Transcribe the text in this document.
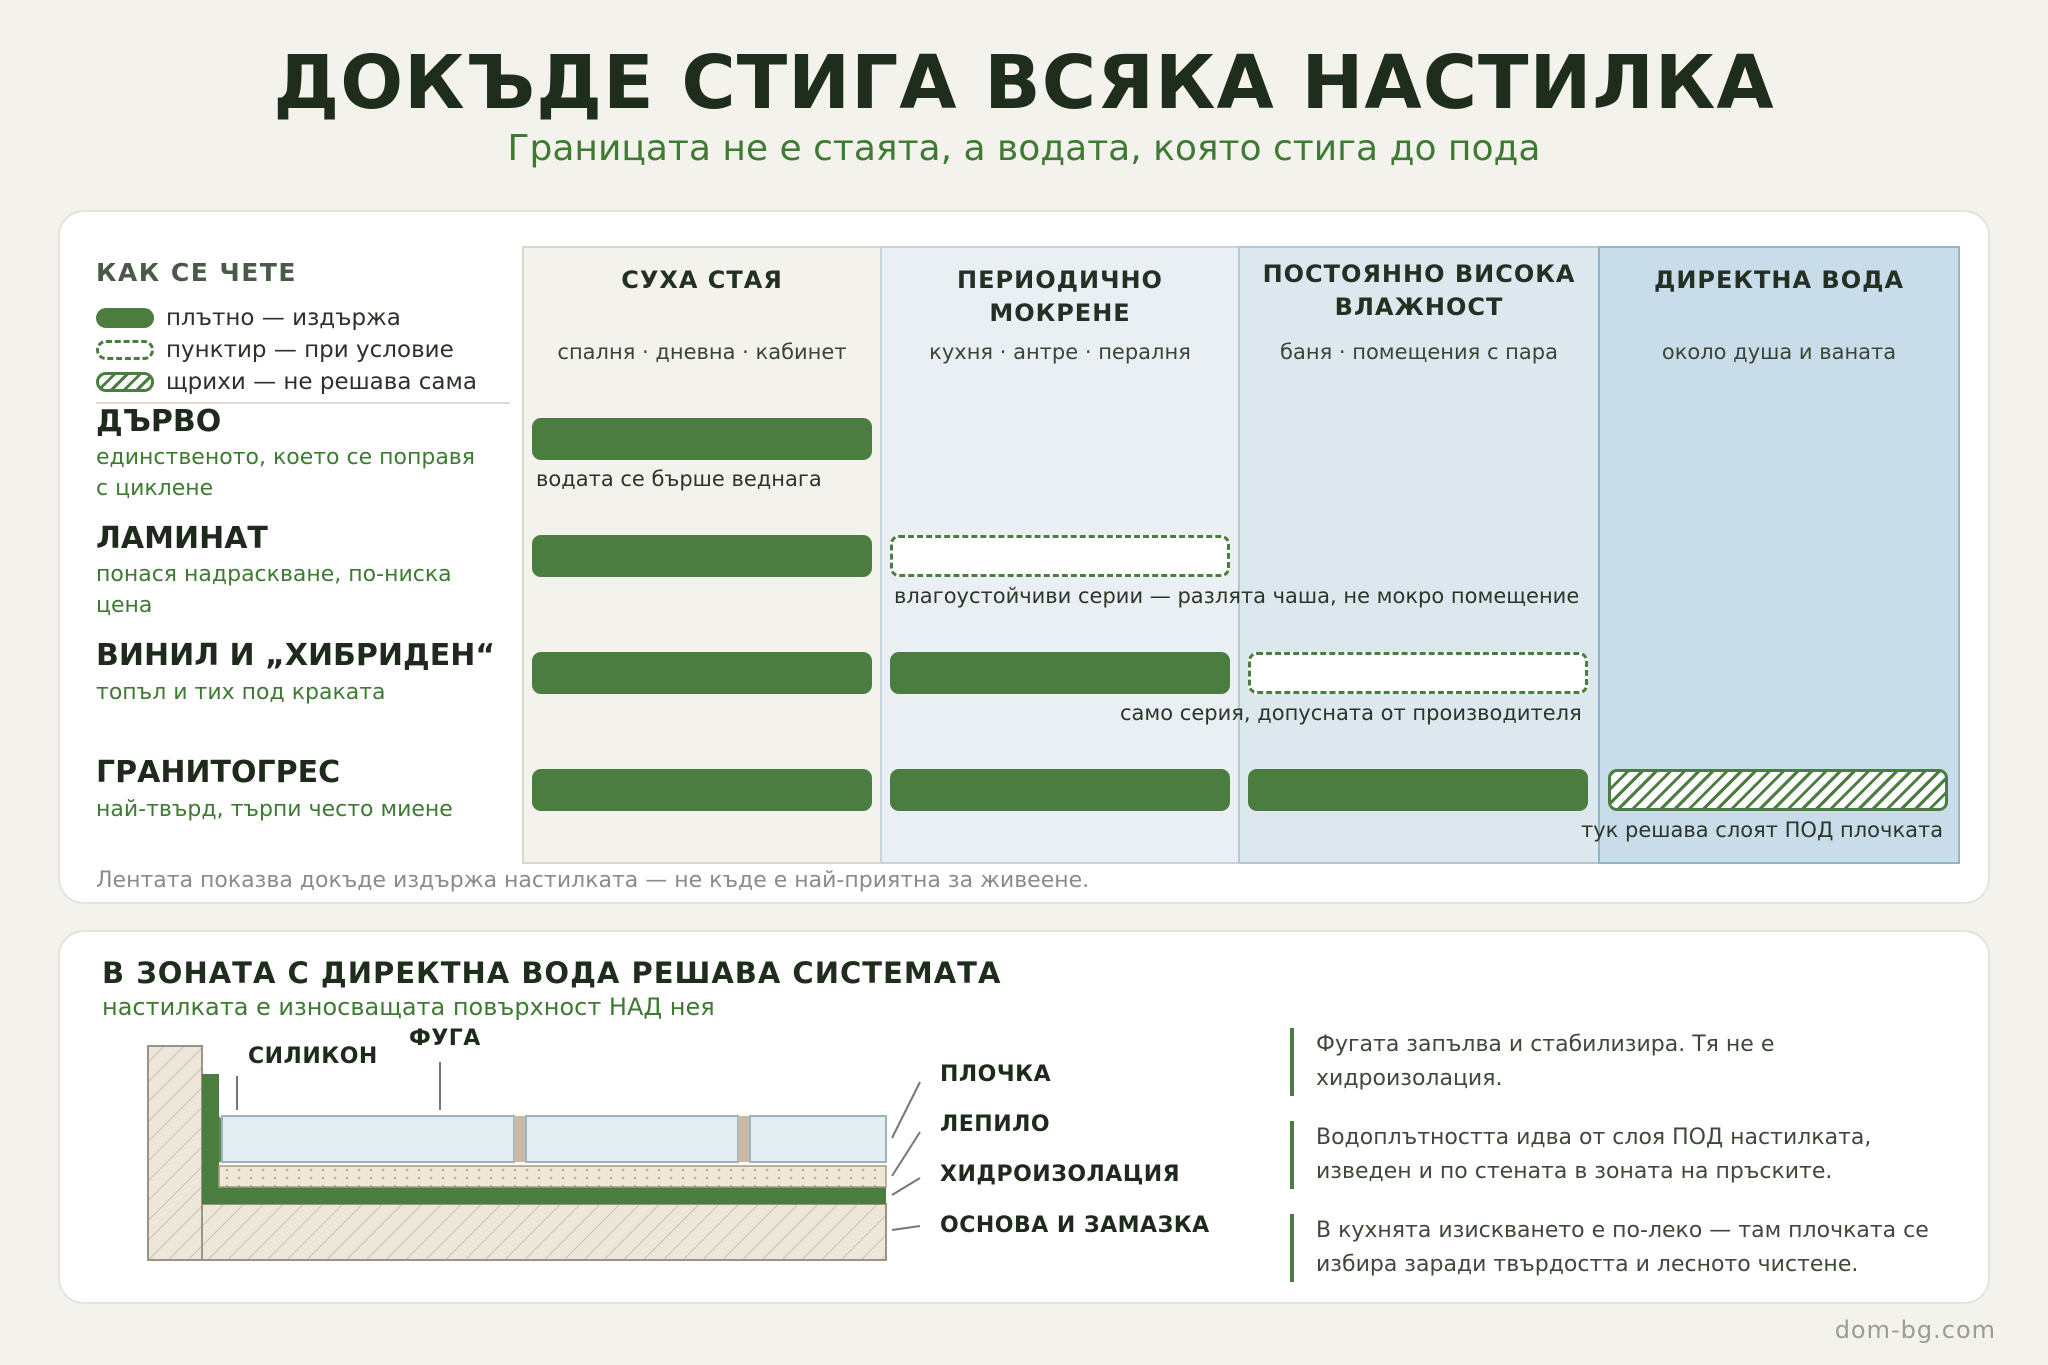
ДОКЪДЕ СТИГА ВСЯКА НАСТИЛКА
Границата не е стаята, а водата, която стига до пода
СУХА СТАЯ
спалня · дневна · кабинет
ПЕРИОДИЧНО МОКРЕНЕ
кухня · антре · пералня
ПОСТОЯННО ВИСОКА ВЛАЖНОСТ
баня · помещения с пара
ДИРЕКТНА ВОДА
около душа и ваната
КАК СЕ ЧЕТЕ
плътно — издържа
пунктир — при условие
щрихи — не решава сама
ДЪРВО
единственото, което се поправя с циклене
ЛАМИНАТ
понася надраскване, по-ниска цена
ВИНИЛ И „ХИБРИДЕН“
топъл и тих под краката
ГРАНИТОГРЕС
най-твърд, търпи често миене
водата се бърше веднага
влагоустойчиви серии — разлята чаша, не мокро помещение
само серия, допусната от производителя
тук решава слоят ПОД плочката
Лентата показва докъде издържа настилката — не къде е най-приятна за живеене.
В ЗОНАТА С ДИРЕКТНА ВОДА РЕШАВА СИСТЕМАТА
настилката е износващата повърхност НАД нея
СИЛИКОН
ФУГА
ПЛОЧКА
ЛЕПИЛО
ХИДРОИЗОЛАЦИЯ
ОСНОВА И ЗАМАЗКА
Фугата запълва и стабилизира. Тя не е хидроизолация.
Водоплътността идва от слоя ПОД настилката, изведен и по стената в зоната на пръските.
В кухнята изискването е по-леко — там плочката се избира заради твърдостта и лесното чистене.
dom-bg.com
